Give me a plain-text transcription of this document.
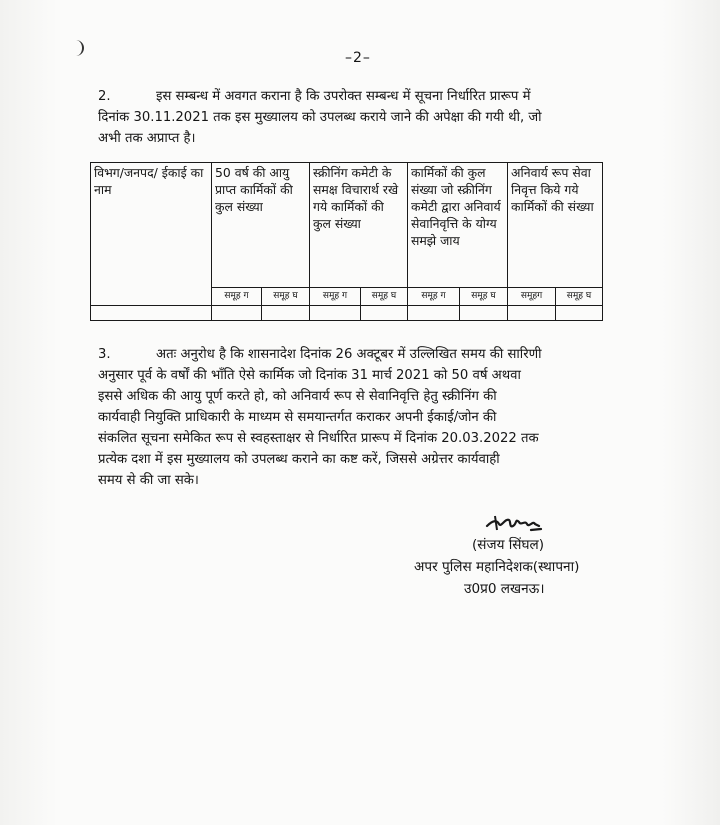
–2–
2.	इस सम्बन्ध में अवगत कराना है कि उपरोक्त सम्बन्ध में सूचना निर्धारित प्रारूप में
दिनांक 30.11.2021 तक इस मुख्यालय को उपलब्ध कराये जाने की अपेक्षा की गयी थी, जो
अभी तक अप्राप्त है।
विभग/जनपद/ ईकाई का नाम	50 वर्ष की आयु प्राप्त कार्मिकों की कुल संख्या		स्क्रीनिंग कमेटी के समक्ष विचारार्थ रखे गये कार्मिकों की कुल संख्या		कार्मिकों की कुल संख्या जो स्क्रीनिंग कमेटी द्वारा अनिवार्य सेवानिवृत्ति के योग्य समझे जाय		अनिवार्य रूप सेवा निवृत्त किये गये कार्मिकों की संख्या	
	समूह ग	समूह घ	समूह ग	समूह घ	समूह ग	समूह घ	समूहग	समूह घ

3.	अतः अनुरोध है कि शासनादेश दिनांक 26 अक्टूबर में उल्लिखित समय की सारिणी
अनुसार पूर्व के वर्षों की भाँति ऐसे कार्मिक जो दिनांक 31 मार्च 2021 को 50 वर्ष अथवा
इससे अधिक की आयु पूर्ण करते हो, को अनिवार्य रूप से सेवानिवृत्ति हेतु स्क्रीनिंग की
कार्यवाही नियुक्ति प्राधिकारी के माध्यम से समयान्तर्गत कराकर अपनी ईकाई/जोन की
संकलित सूचना समेकित रूप से स्वहस्ताक्षर से निर्धारित प्रारूप में दिनांक 20.03.2022 तक
प्रत्येक दशा में इस मुख्यालय को उपलब्ध कराने का कष्ट करें, जिससे अग्रेत्तर कार्यवाही
समय से की जा सके।
(संजय सिंघल)
अपर पुलिस महानिदेशक(स्थापना)
उ0प्र0 लखनऊ।
